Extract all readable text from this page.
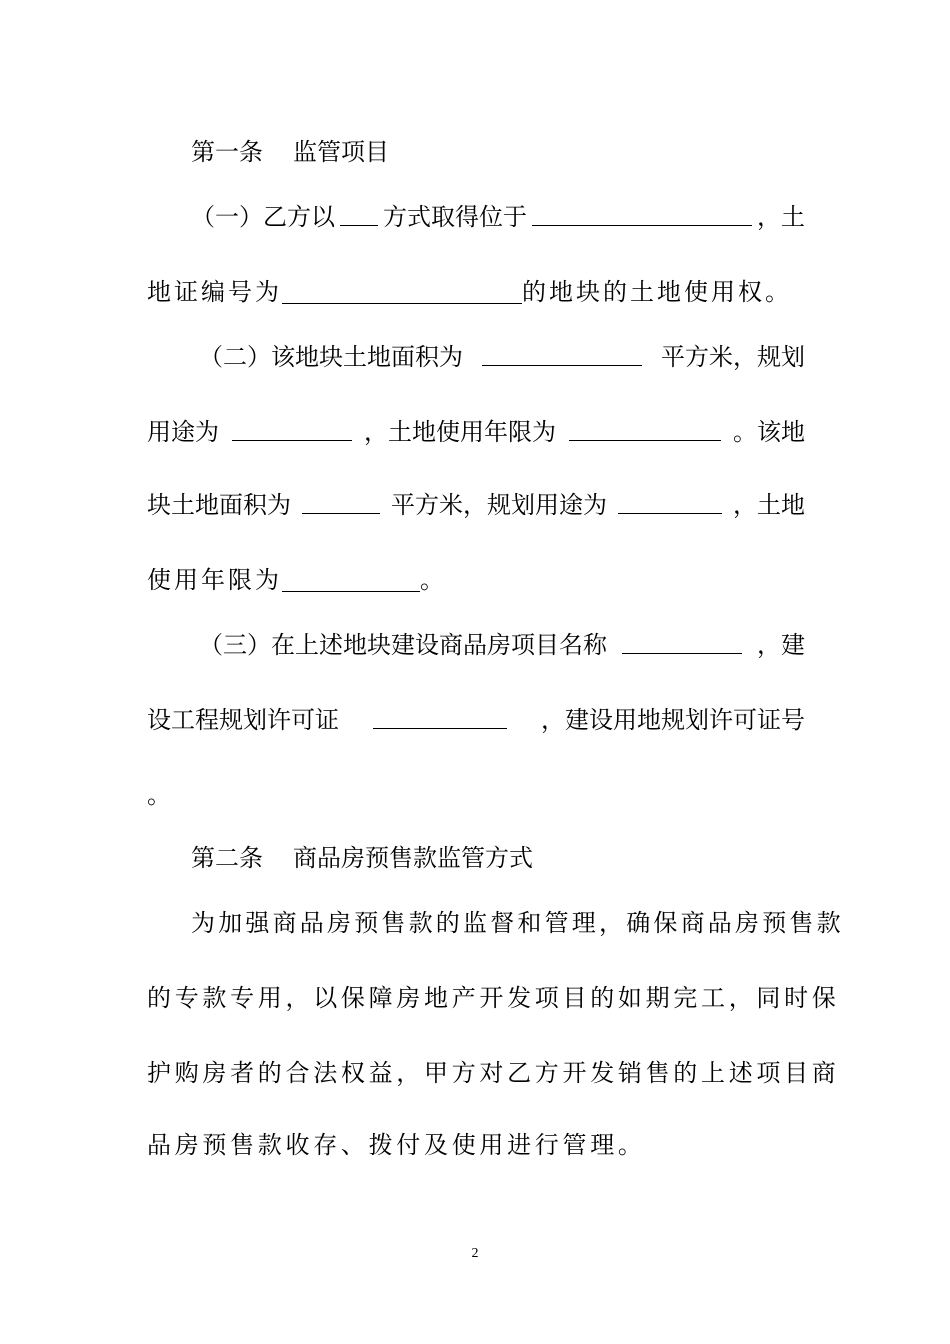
第一条 监管项目
（一）乙方以 方式取得位于	，土
地证编号为	的地块的土地使用权。
（二）该地块土地面积为	平方米，规划
用途为	，土地使用年限为	。该地
块土地面积为	平方米，规划用途为	，土地
使用年限为	。
（三）在上述地块建设商品房项目名称	，建
设工程规划许可证	，建设用地规划许可证号
。
第二条 商品房预售款监管方式
为加强商品房预售款的监督和管理，确保商品房预售款
的专款专用，以保障房地产开发项目的如期完工，同时保
护购房者的合法权益，甲方对乙方开发销售的上述项目商
品房预售款收存、拨付及使用进行管理。
2
